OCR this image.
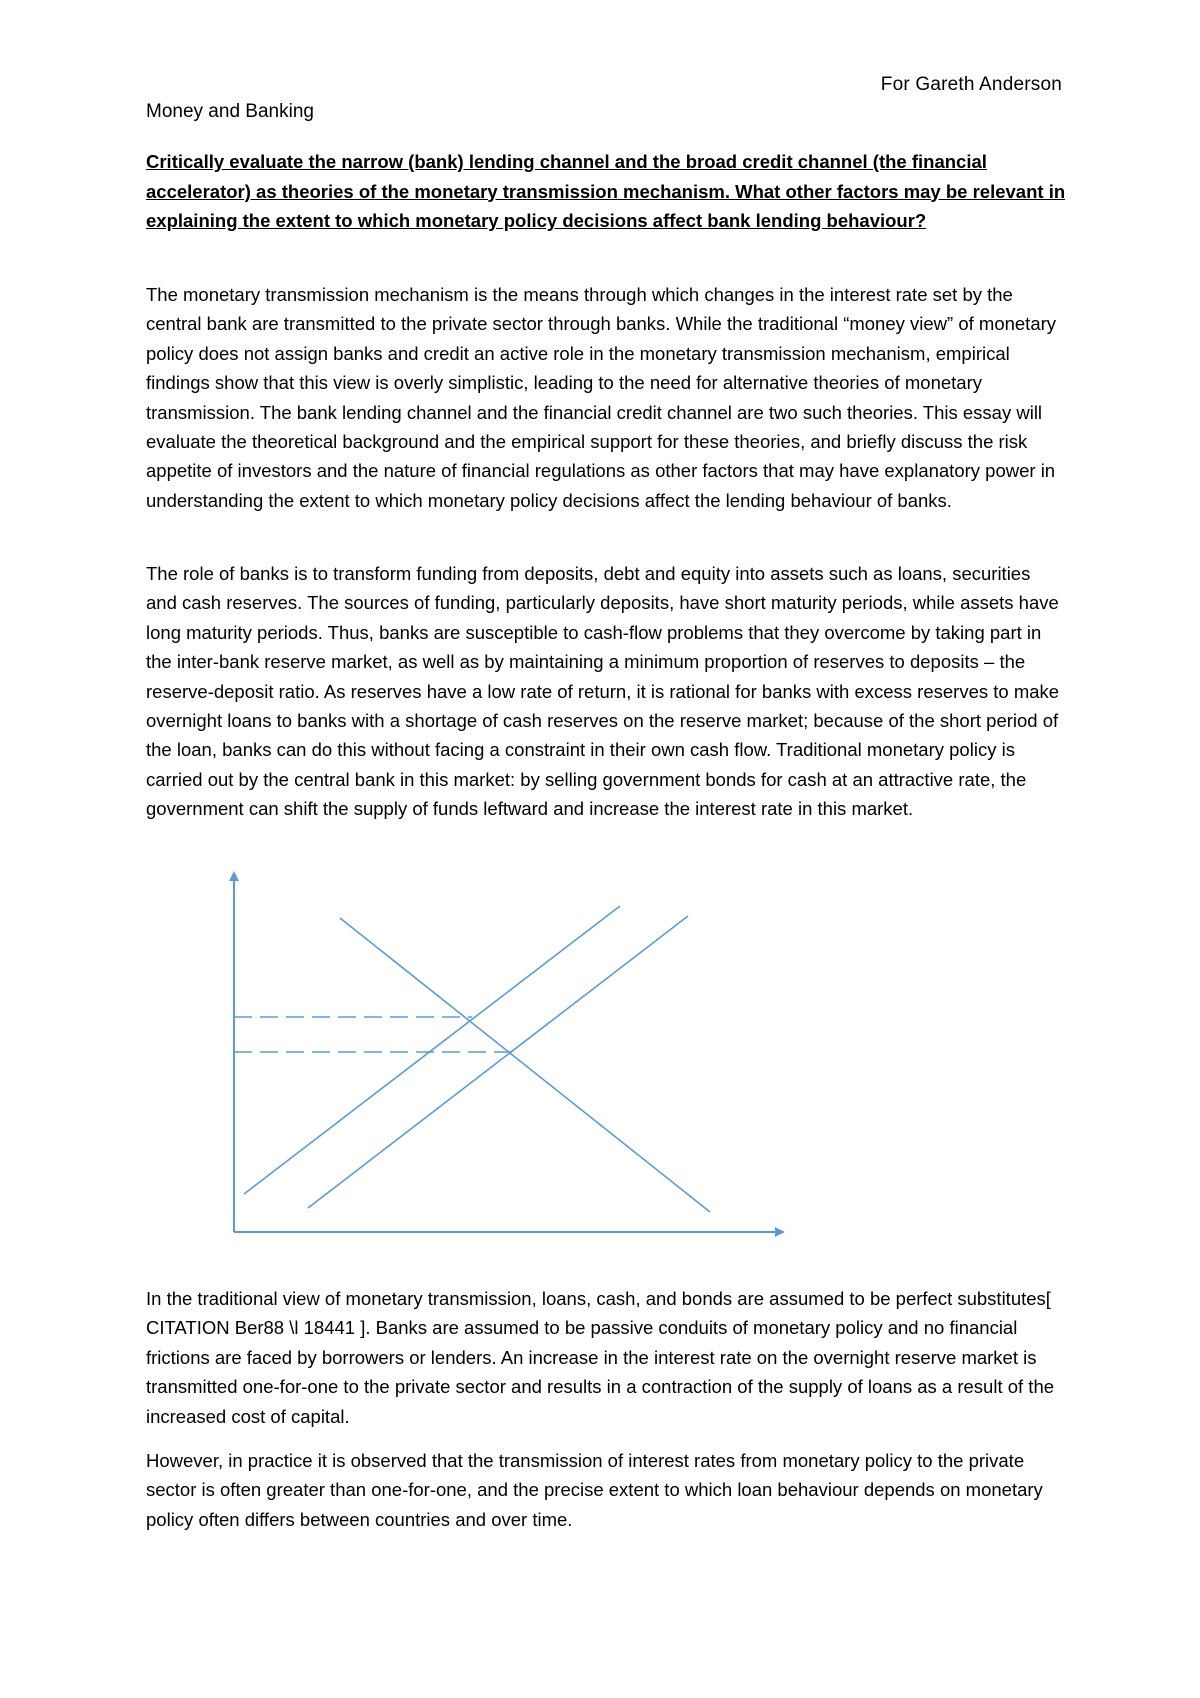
For Gareth Anderson
Money and Banking
Critically evaluate the narrow (bank) lending channel and the broad credit channel (the financial accelerator) as theories of the monetary transmission mechanism. What other factors may be relevant in explaining the extent to which monetary policy decisions affect bank lending behaviour?

The monetary transmission mechanism is the means through which changes in the interest rate set by the central bank are transmitted to the private sector through banks. While the traditional “money view” of monetary policy does not assign banks and credit an active role in the monetary transmission mechanism, empirical findings show that this view is overly simplistic, leading to the need for alternative theories of monetary transmission. The bank lending channel and the financial credit channel are two such theories. This essay will evaluate the theoretical background and the empirical support for these theories, and briefly discuss the risk appetite of investors and the nature of financial regulations as other factors that may have explanatory power in understanding the extent to which monetary policy decisions affect the lending behaviour of banks.

The role of banks is to transform funding from deposits, debt and equity into assets such as loans, securities and cash reserves. The sources of funding, particularly deposits, have short maturity periods, while assets have long maturity periods. Thus, banks are susceptible to cash-flow problems that they overcome by taking part in the inter-bank reserve market, as well as by maintaining a minimum proportion of reserves to deposits – the reserve-deposit ratio. As reserves have a low rate of return, it is rational for banks with excess reserves to make overnight loans to banks with a shortage of cash reserves on the reserve market; because of the short period of the loan, banks can do this without facing a constraint in their own cash flow. Traditional monetary policy is carried out by the central bank in this market: by selling government bonds for cash at an attractive rate, the government can shift the supply of funds leftward and increase the interest rate in this market.

In the traditional view of monetary transmission, loans, cash, and bonds are assumed to be perfect substitutes[ CITATION Ber88 \l 18441 ]. Banks are assumed to be passive conduits of monetary policy and no financial frictions are faced by borrowers or lenders. An increase in the interest rate on the overnight reserve market is transmitted one-for-one to the private sector and results in a contraction of the supply of loans as a result of the increased cost of capital.

However, in practice it is observed that the transmission of interest rates from monetary policy to the private sector is often greater than one-for-one, and the precise extent to which loan behaviour depends on monetary policy often differs between countries and over time.
